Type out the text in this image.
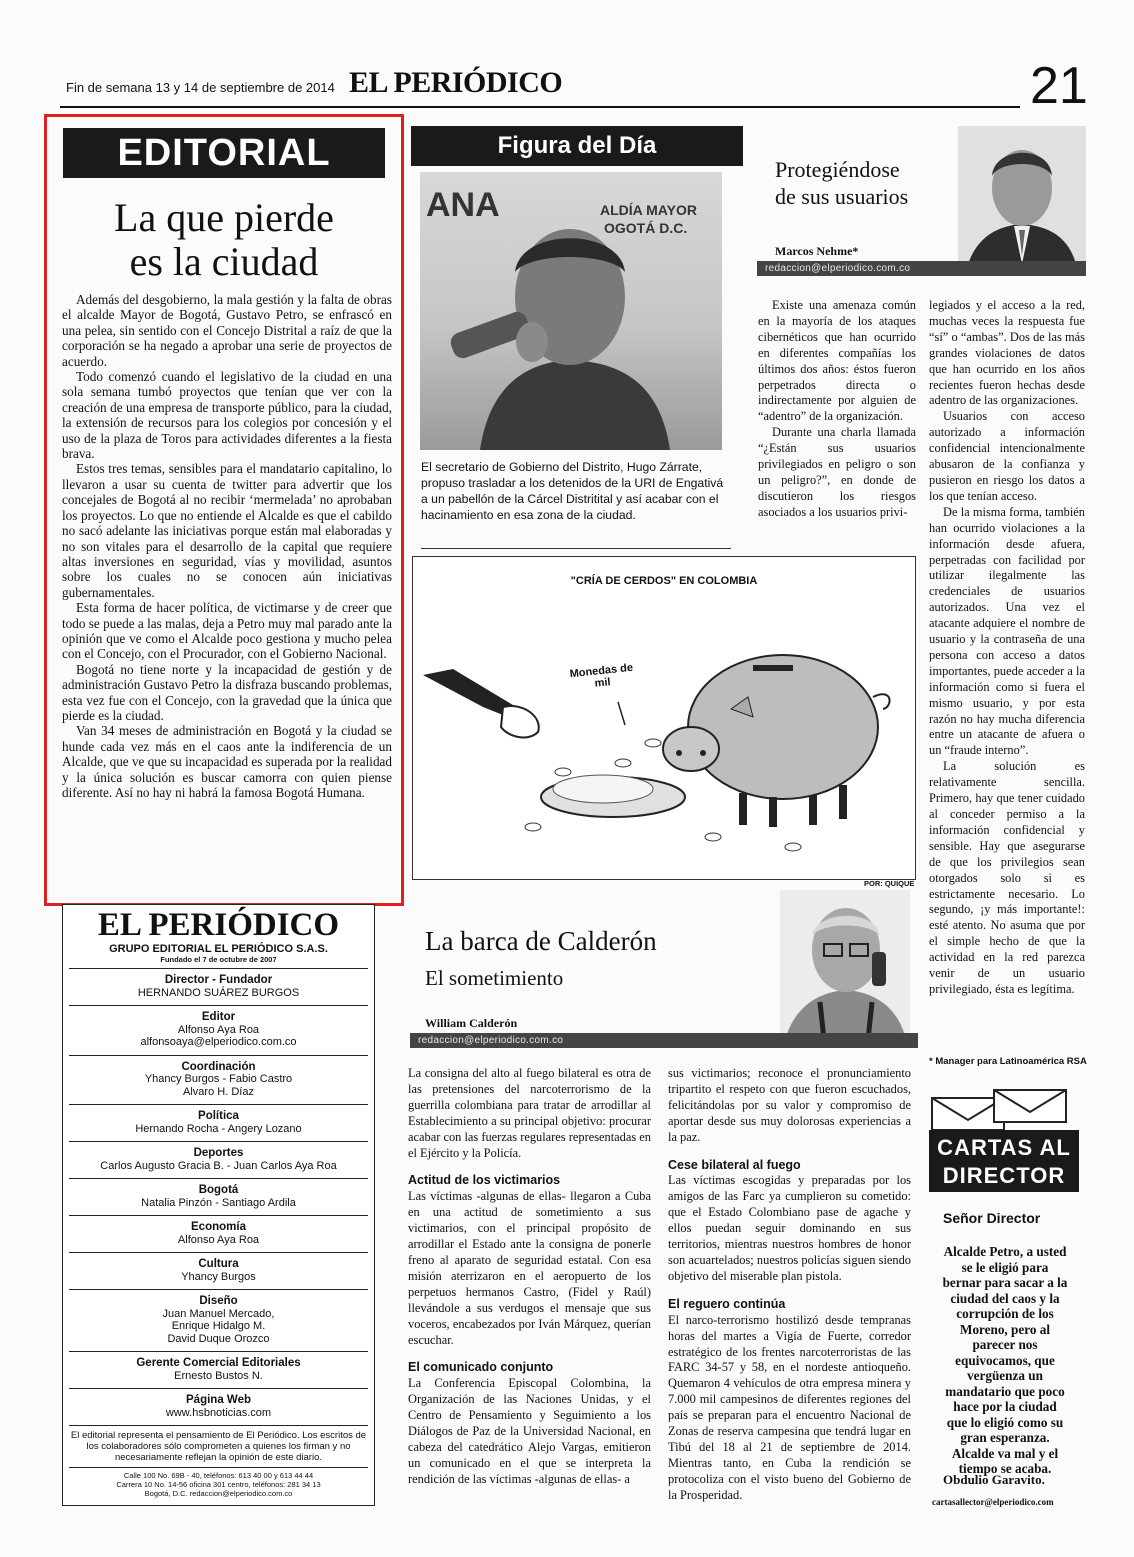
Fin de semana 13 y 14 de septiembre de 2014 EL PERIÓDICO	21
EDITORIAL
La que pierde
es la ciudad

Además del desgobierno, la mala gestión y la falta de obras el alcalde Mayor de Bogotá, Gustavo Petro, se enfrascó en una pelea, sin sentido con el Concejo Distrital a raíz de que la corporación se ha negado a aprobar una serie de proyectos de acuerdo.

Todo comenzó cuando el legislativo de la ciudad en una sola semana tumbó proyectos que tenían que ver con la creación de una empresa de transporte público, para la ciudad, la extensión de recursos para los colegios por concesión y el uso de la plaza de Toros para actividades diferentes a la fiesta brava.

Estos tres temas, sensibles para el mandatario capitalino, lo llevaron a usar su cuenta de twitter para advertir que los concejales de Bogotá al no recibir ‘mermelada’ no aprobaban los proyectos. Lo que no entiende el Alcalde es que el cabildo no sacó adelante las iniciativas porque están mal elaboradas y no son vitales para el desarrollo de la capital que requiere altas inversiones en seguridad, vías y movilidad, asuntos sobre los cuales no se conocen aún iniciativas gubernamentales.

Esta forma de hacer política, de victimarse y de creer que todo se puede a las malas, deja a Petro muy mal parado ante la opinión que ve como el Alcalde poco gestiona y mucho pelea con el Concejo, con el Procurador, con el Gobierno Nacional.

Bogotá no tiene norte y la incapacidad de gestión y de administración Gustavo Petro la disfraza buscando problemas, esta vez fue con el Concejo, con la gravedad que la única que pierde es la ciudad.

Van 34 meses de administración en Bogotá y la ciudad se hunde cada vez más en el caos ante la indiferencia de un Alcalde, que ve que su incapacidad es superada por la realidad y la única solución es buscar camorra con quien piense diferente. Así no hay ni habrá la famosa Bogotá Humana.

Figura del Día
ANA	ALDÍA MAYOR
OGOTÁ D.C.
El secretario de Gobierno del Distrito, Hugo Zárrate, propuso trasladar a los detenidos de la URI de Engativá a un pabellón de la Cárcel Distritital y así acabar con el hacinamiento en esa zona de la ciudad.
Protegiéndose
de sus usuarios
Marcos Nehme*
redaccion@elperiodico.com.co

Existe una amenaza común en la mayoría de los ataques cibernéticos que han ocurrido en diferentes compañías los últimos dos años: éstos fueron perpetrados directa o indirectamente por alguien de “adentro” de la organización.

Durante una charla llamada “¿Están sus usuarios privilegiados en peligro o son un peligro?”, en donde de discutieron los riesgos asociados a los usuarios privi-

legiados y el acceso a la red, muchas veces la respuesta fue “sí” o “ambas”. Dos de las más grandes violaciones de datos que han ocurrido en los años recientes fueron hechas desde adentro de las organizaciones.

Usuarios con acceso autorizado a información confidencial intencionalmente abusaron de la confianza y pusieron en riesgo los datos a los que tenían acceso.

De la misma forma, también han ocurrido violaciones a la información desde afuera, perpetradas con facilidad por utilizar ilegalmente las credenciales de usuarios autorizados. Una vez el atacante adquiere el nombre de usuario y la contraseña de una persona con acceso a datos importantes, puede acceder a la información como si fuera el mismo usuario, y por esta razón no hay mucha diferencia entre un atacante de afuera o un “fraude interno”.

La solución es relativamente sencilla. Primero, hay que tener cuidado al conceder permiso a la información confidencial y sensible. Hay que asegurarse de que los privilegios sean otorgados solo si es estrictamente necesario. Lo segundo, ¡y más importante!: esté atento. No asuma que por el simple hecho de que la actividad en la red parezca venir de un usuario privilegiado, ésta es legítima.

* Manager para Latinoamérica RSA
"CRÍA DE CERDOS" EN COLOMBIA
Monedas de mil
POR: QUIQUE
EL PERIÓDICO
GRUPO EDITORIAL EL PERIÓDICO S.A.S.
Fundado el 7 de octubre de 2007
Director - Fundador
HERNANDO SUÁREZ BURGOS
Editor
Alfonso Aya Roa
alfonsoaya@elperiodico.com.co
Coordinación
Yhancy Burgos - Fabio Castro
Alvaro H. Díaz
Política
Hernando Rocha - Angery Lozano
Deportes
Carlos Augusto Gracia B. - Juan Carlos Aya Roa
Bogotá
Natalia Pinzón - Santiago Ardila
Economía
Alfonso Aya Roa
Cultura
Yhancy Burgos
Diseño
Juan Manuel Mercado,
Enrique Hidalgo M.
David Duque Orozco
Gerente Comercial Editoriales
Ernesto Bustos N.
Página Web
www.hsbnoticias.com
El editorial representa el pensamiento de El Periódico. Los escritos de los colaboradores sólo comprometen a quienes los firman y no necesariamente reflejan la opinión de este diario.
Calle 100 No. 69B - 40, teléfonos: 613 40 00 y 613 44 44
Carrera 10 No. 14-56 oficina 301 centro, teléfonos: 281 34 13
Bogotá, D.C. redaccion@elperiodico.com.co
La barca de Calderón
El sometimiento
William Calderón
redaccion@elperiodico.com.co

La consigna del alto al fuego bilateral es otra de las pretensiones del narcoterrorismo de la guerrilla colombiana para tratar de arrodillar al Establecimiento a su principal objetivo: procurar acabar con las fuerzas regulares representadas en el Ejército y la Policía.

Actitud de los victimarios

Las víctimas -algunas de ellas- llegaron a Cuba en una actitud de sometimiento a sus victimarios, con el principal propósito de arrodillar el Estado ante la consigna de ponerle freno al aparato de seguridad estatal. Con esa misión aterrizaron en el aeropuerto de los perpetuos hermanos Castro, (Fidel y Raúl) llevándole a sus verdugos el mensaje que sus voceros, encabezados por Iván Márquez, querían escuchar.

El comunicado conjunto

La Conferencia Episcopal Colombina, la Organización de las Naciones Unidas, y el Centro de Pensamiento y Seguimiento a los Diálogos de Paz de la Universidad Nacional, en cabeza del catedrático Alejo Vargas, emitieron un comunicado en el que se interpreta la rendición de las víctimas -algunas de ellas- a

sus victimarios; reconoce el pronunciamiento tripartito el respeto con que fueron escuchados, felicitándolas por su valor y compromiso de aportar desde sus muy dolorosas experiencias a la paz.

Cese bilateral al fuego

Las víctimas escogidas y preparadas por los amigos de las Farc ya cumplieron su cometido: que el Estado Colombiano pase de agache y ellos puedan seguir dominando en sus territorios, mientras nuestros hombres de honor son acuartelados; nuestros policías siguen siendo objetivo del miserable plan pistola.

El reguero continúa

El narco-terrorismo hostilizó desde tempranas horas del martes a Vigía de Fuerte, corredor estratégico de los frentes narcoterroristas de las FARC 34-57 y 58, en el nordeste antioqueño. Quemaron 4 vehículos de otra empresa minera y 7.000 mil campesinos de diferentes regiones del país se preparan para el encuentro Nacional de Zonas de reserva campesina que tendrá lugar en Tibú del 18 al 21 de septiembre de 2014. Mientras tanto, en Cuba la rendición se protocoliza con el visto bueno del Gobierno de la Prosperidad.

CARTAS AL
DIRECTOR
Señor Director
Alcalde Petro, a usted se le eligió para bernar para sacar a la ciudad del caos y la corrupción de los Moreno, pero al parecer nos equivocamos, que vergüenza un mandatario que poco hace por la ciudad que lo eligió como su gran esperanza. Alcalde va mal y el tiempo se acaba.
Obdulio Garavito.
cartasallector@elperiodico.com
